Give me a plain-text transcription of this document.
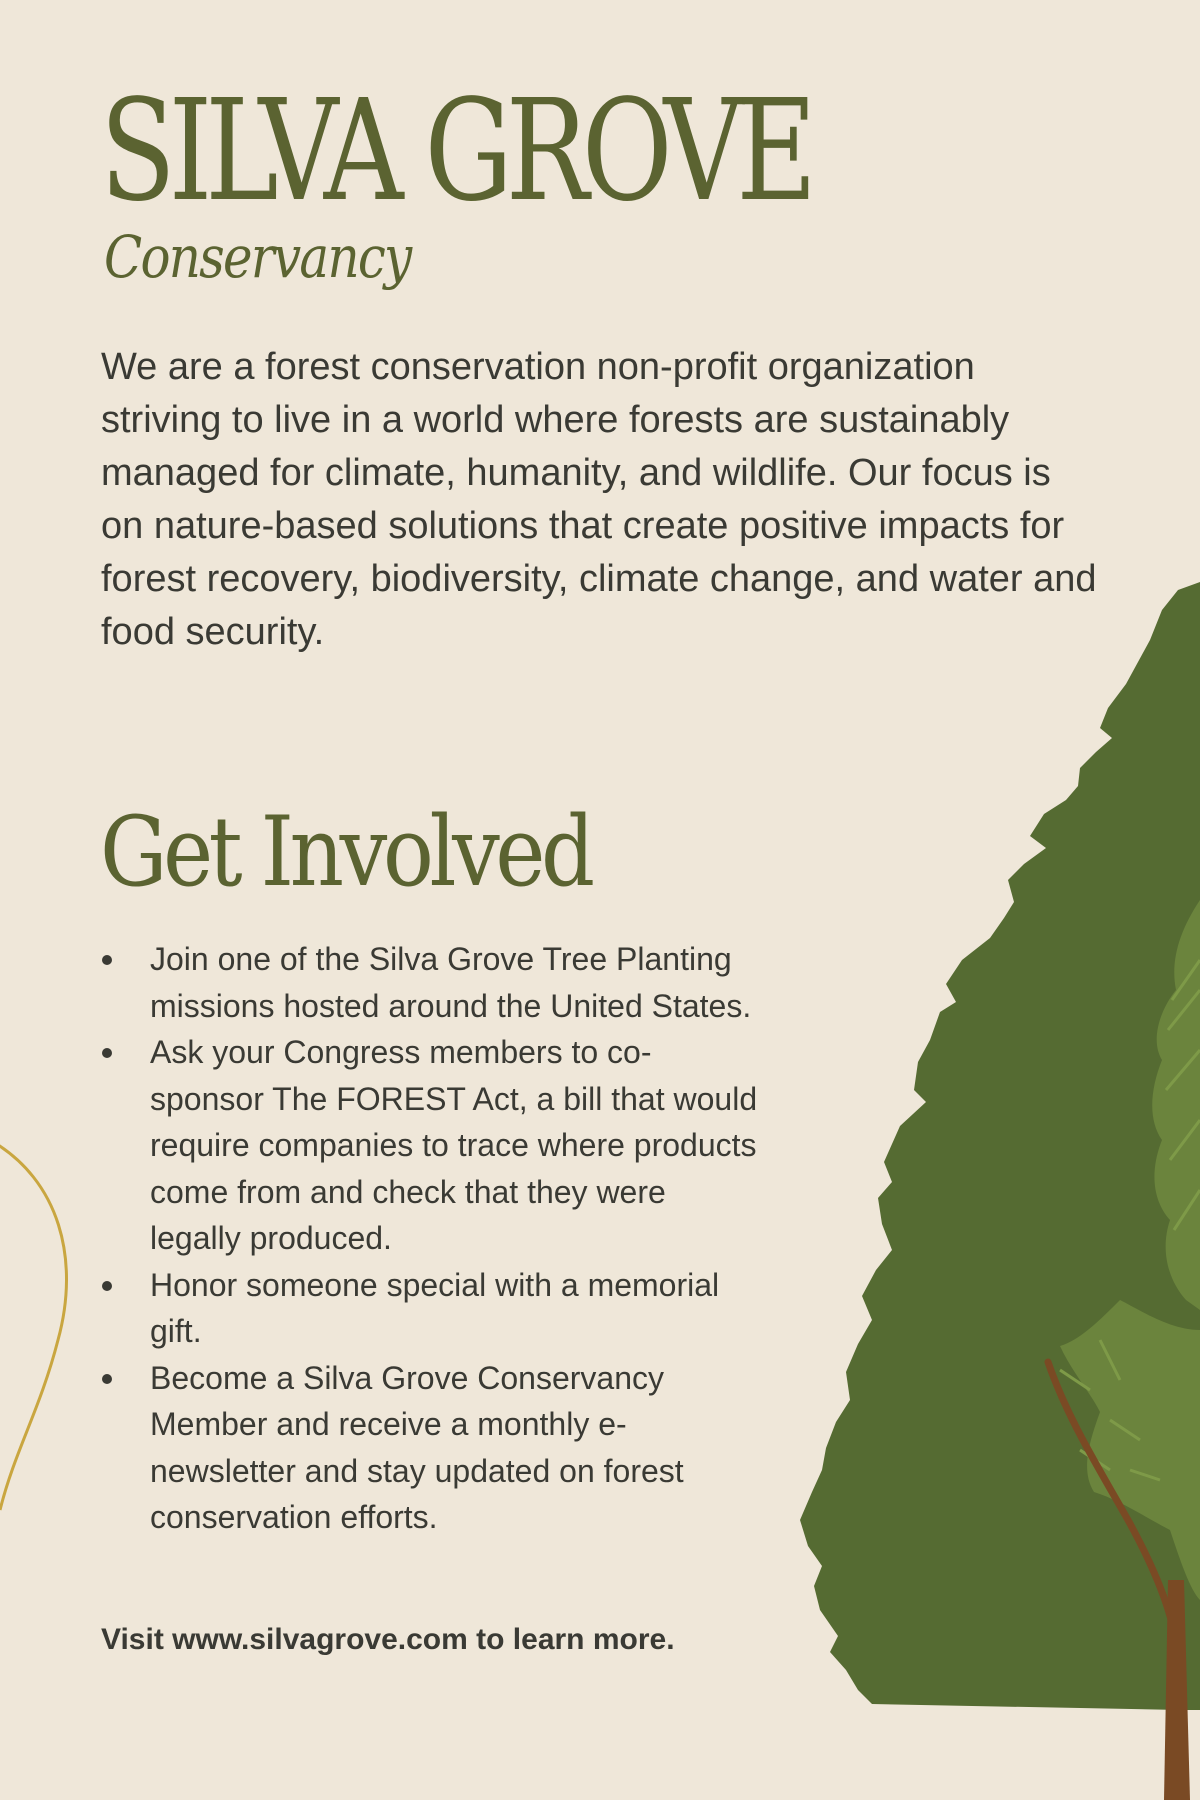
SILVA GROVE
Conservancy

We are a forest conservation non-profit organization striving to live in a world where forests are sustainably managed for climate, humanity, and wildlife. Our focus is on nature-based solutions that create positive impacts for forest recovery, biodiversity, climate change, and water and food security.

Get Involved
Join one of the Silva Grove Tree Planting missions hosted around the United States.
Ask your Congress members to co-sponsor The FOREST Act, a bill that would require companies to trace where products come from and check that they were legally produced.
Honor someone special with a memorial gift.
Become a Silva Grove Conservancy Member and receive a monthly e-newsletter and stay updated on forest conservation efforts.

Visit www.silvagrove.com to learn more.
